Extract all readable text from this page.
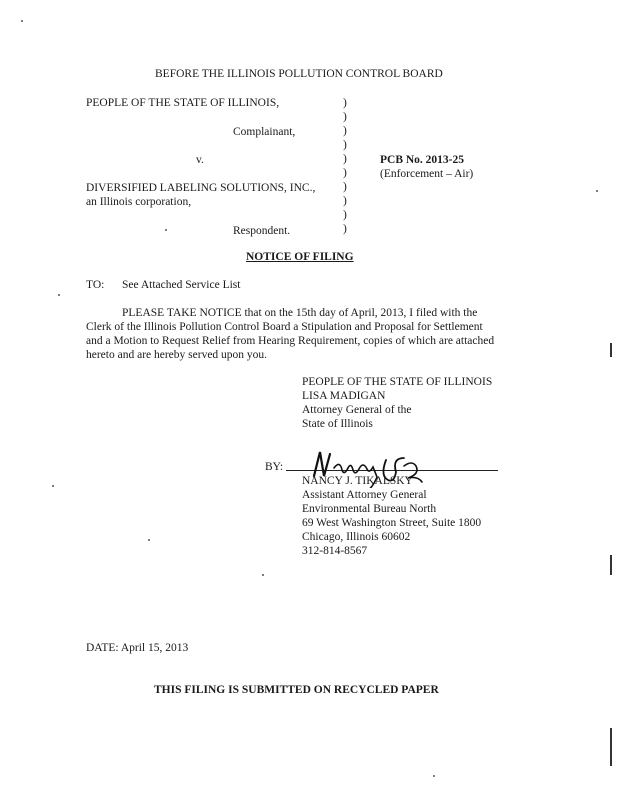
BEFORE THE ILLINOIS POLLUTION CONTROL BOARD
PEOPLE OF THE STATE OF ILLINOIS,
Complainant,
v.
DIVERSIFIED LABELING SOLUTIONS, INC.,
an Illinois corporation,
Respondent.
)
)
)
)
)
)
)
)
)
)
PCB No. 2013-25
(Enforcement – Air)
NOTICE OF FILING
TO: See Attached Service List
PLEASE TAKE NOTICE that on the 15th day of April, 2013, I filed with the
Clerk of the Illinois Pollution Control Board a Stipulation and Proposal for Settlement
and a Motion to Request Relief from Hearing Requirement, copies of which are attached
hereto and are hereby served upon you.
PEOPLE OF THE STATE OF ILLINOIS
LISA MADIGAN
Attorney General of the
State of Illinois
BY:
NANCY J. TIKALSKY
Assistant Attorney General
Environmental Bureau North
69 West Washington Street, Suite 1800
Chicago, Illinois 60602
312-814-8567
DATE: April 15, 2013
THIS FILING IS SUBMITTED ON RECYCLED PAPER
